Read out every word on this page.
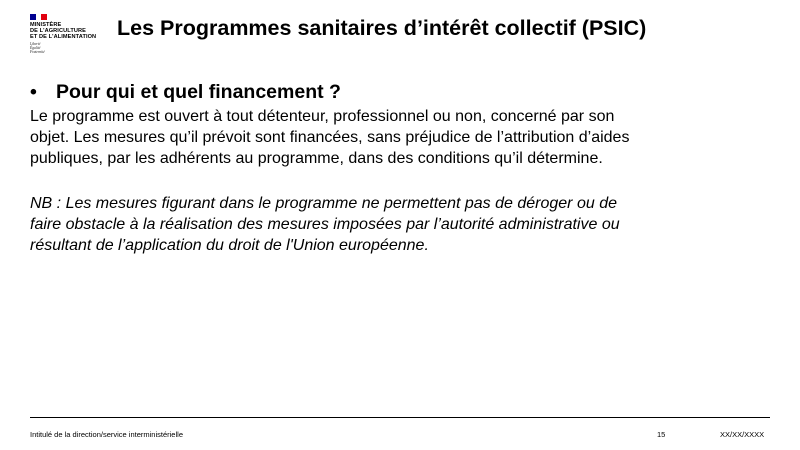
MINISTÈRE
DE L'AGRICULTURE
ET DE L'ALIMENTATION
Liberté
Égalité
Fraternité
Les Programmes sanitaires d’intérêt collectif (PSIC)
• Pour qui et quel financement ?
Le programme est ouvert à tout détenteur, professionnel ou non, concerné par son
objet. Les mesures qu’il prévoit sont financées, sans préjudice de l’attribution d’aides
publiques, par les adhérents au programme, dans des conditions qu’il détermine.
NB : Les mesures figurant dans le programme ne permettent pas de déroger ou de
faire obstacle à la réalisation des mesures imposées par l’autorité administrative ou
résultant de l’application du droit de l'Union européenne.
Intitulé de la direction/service interministérielle	15	XX/XX/XXXX
